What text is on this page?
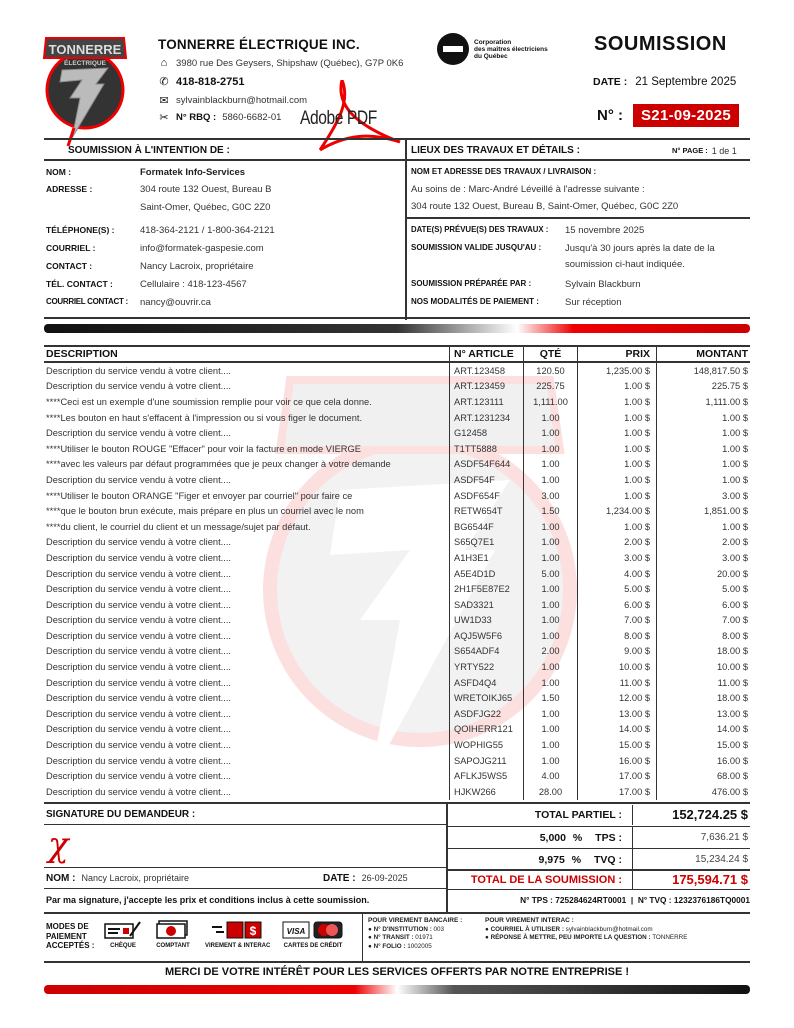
TONNERRE
ÉLECTRIQUE
TONNERRE ÉLECTRIQUE INC.
⌂ 3980 rue Des Geysers, Shipshaw (Québec), G7P 0K6
✆ 418-818-2751
✉ sylvainblackburn@hotmail.com
✂ N° RBQ : 5860-6682-01 Adobe PDF
Corporation
des maîtres électriciens
du Québec
SOUMISSION
DATE : 21 Septembre 2025
N° :	S21-09-2025
SOUMISSION À L'INTENTION DE :
NOM :	Formatek Info-Services
ADRESSE :	304 route 132 Ouest, Bureau B
Saint-Omer, Québec, G0C 2Z0
TÉLÉPHONE(S) :	418-364-2121 / 1-800-364-2121
COURRIEL :	info@formatek-gaspesie.com
CONTACT :	Nancy Lacroix, propriétaire
TÉL. CONTACT :	Cellulaire : 418-123-4567
COURRIEL CONTACT :	nancy@ouvrir.ca
LIEUX DES TRAVAUX ET DÉTAILS :	N° PAGE : 1 de 1
NOM ET ADRESSE DES TRAVAUX / LIVRAISON :
Au soins de : Marc-André Léveillé à l'adresse suivante :
304 route 132 Ouest, Bureau B, Saint-Omer, Québec, G0C 2Z0
DATE(S) PRÉVUE(S) DES TRAVAUX :	15 novembre 2025
SOUMISSION VALIDE JUSQU'AU :	Jusqu'à 30 jours après la date de la
soumission ci-haut indiquée.
SOUMISSION PRÉPARÉE PAR :	Sylvain Blackburn
NOS MODALITÉS DE PAIEMENT :	Sur réception
DESCRIPTION	N° ARTICLE	QTÉ	PRIX	MONTANT
Description du service vendu à votre client....	ART.123458	120.50	1,235.00 $	148,817.50 $
Description du service vendu à votre client....	ART.123459	225.75	1.00 $	225.75 $
****Ceci est un exemple d'une soumission remplie pour voir ce que cela donne.	ART.123111	1,111.00	1.00 $	1,111.00 $
****Les bouton en haut s'effacent à l'impression ou si vous figer le document.	ART.1231234	1.00	1.00 $	1.00 $
Description du service vendu à votre client....	G12458	1.00	1.00 $	1.00 $
****Utiliser le bouton ROUGE "Effacer" pour voir la facture en mode VIERGE	T1TT5888	1.00	1.00 $	1.00 $
****avec les valeurs par défaut programmées que je peux changer à votre demande	ASDF54F644	1.00	1.00 $	1.00 $
Description du service vendu à votre client....	ASDF54F	1.00	1.00 $	1.00 $
****Utiliser le bouton ORANGE "Figer et envoyer par courriel" pour faire ce	ASDF654F	3.00	1.00 $	3.00 $
****que le bouton brun exécute, mais prépare en plus un courriel avec le nom	RETW654T	1.50	1,234.00 $	1,851.00 $
****du client, le courriel du client et un message/sujet par défaut.	BG6544F	1.00	1.00 $	1.00 $
Description du service vendu à votre client....	S65Q7E1	1.00	2.00 $	2.00 $
Description du service vendu à votre client....	A1H3E1	1.00	3.00 $	3.00 $
Description du service vendu à votre client....	A5E4D1D	5.00	4.00 $	20.00 $
Description du service vendu à votre client....	2H1F5E87E2	1.00	5.00 $	5.00 $
Description du service vendu à votre client....	SAD3321	1.00	6.00 $	6.00 $
Description du service vendu à votre client....	UW1D33	1.00	7.00 $	7.00 $
Description du service vendu à votre client....	AQJ5W5F6	1.00	8.00 $	8.00 $
Description du service vendu à votre client....	S654ADF4	2.00	9.00 $	18.00 $
Description du service vendu à votre client....	YRTY522	1.00	10.00 $	10.00 $
Description du service vendu à votre client....	ASFD4Q4	1.00	11.00 $	11.00 $
Description du service vendu à votre client....	WRETOIKJ65	1.50	12.00 $	18.00 $
Description du service vendu à votre client....	ASDFJG22	1.00	13.00 $	13.00 $
Description du service vendu à votre client....	QOIHERR121	1.00	14.00 $	14.00 $
Description du service vendu à votre client....	WOPHIG55	1.00	15.00 $	15.00 $
Description du service vendu à votre client....	SAPOJG211	1.00	16.00 $	16.00 $
Description du service vendu à votre client....	AFLKJ5WS5	4.00	17.00 $	68.00 $
Description du service vendu à votre client....	HJKW266	28.00	17.00 $	476.00 $
SIGNATURE DU DEMANDEUR :
χ
NOM : Nancy Lacroix, propriétaire	DATE : 26-09-2025
Par ma signature, j'accepte les prix et conditions inclus à cette soumission.
TOTAL PARTIEL :	152,724.25 $
5,000 % TPS :	7,636.21 $
9,975 % TVQ :	15,234.24 $
TOTAL DE LA SOUMISSION :	175,594.71 $
N° TPS : 725284624RT0001  |  N° TVQ : 1232376186TQ0001
MODES DE
PAIEMENT
ACCEPTÉS :	CHÈQUE	COMPTANT
$
VIREMENT & INTERAC
VISA
CARTES DE CRÉDIT
POUR VIREMENT BANCAIRE :
● N° D'INSTITUTION : 003
● N° TRANSIT : 01971
● N° FOLIO : 1002005
POUR VIREMENT INTERAC :
● COURRIEL À UTILISER : sylvainblackburn@hotmail.com
● RÉPONSE À METTRE, PEU IMPORTE LA QUESTION : TONNERRE
MERCI DE VOTRE INTÉRÊT POUR LES SERVICES OFFERTS PAR NOTRE ENTREPRISE !
